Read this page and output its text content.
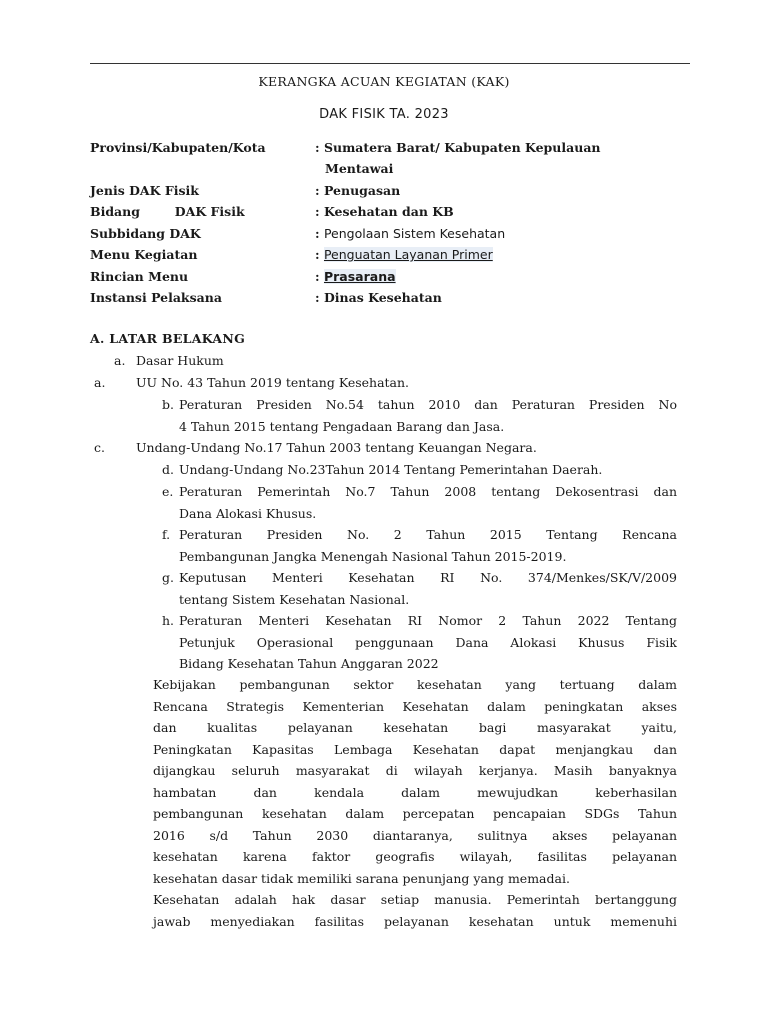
KERANGKA ACUAN KEGIATAN (KAK)
DAK FISIK TA. 2023
Provinsi/Kabupaten/Kota	: Sumatera Barat/ Kabupaten Kepulauan
Mentawai
Jenis DAK Fisik	: Penugasan
Bidang        DAK Fisik	: Kesehatan dan KB
Subbidang DAK	: Pengolaan Sistem Kesehatan
Menu Kegiatan	: Penguatan Layanan Primer
Rincian Menu	: Prasarana
Instansi Pelaksana	: Dinas Kesehatan
A. LATAR BELAKANG
a. Dasar Hukum
a. UU No. 43 Tahun 2019 tentang Kesehatan.
b. Peraturan Presiden No.54 tahun 2010 dan Peraturan Presiden No
4 Tahun 2015 tentang Pengadaan Barang dan Jasa.
c. Undang-Undang No.17 Tahun 2003 tentang Keuangan Negara.
d. Undang-Undang No.23Tahun 2014 Tentang Pemerintahan Daerah.
e. Peraturan Pemerintah No.7 Tahun 2008 tentang Dekosentrasi dan
Dana Alokasi Khusus.
f. Peraturan Presiden No. 2 Tahun 2015 Tentang Rencana
Pembangunan Jangka Menengah Nasional Tahun 2015-2019.
g. Keputusan Menteri Kesehatan RI No. 374/Menkes/SK/V/2009
tentang Sistem Kesehatan Nasional.
h. Peraturan Menteri Kesehatan RI Nomor 2 Tahun 2022 Tentang
Petunjuk Operasional penggunaan Dana Alokasi Khusus Fisik
Bidang Kesehatan Tahun Anggaran 2022
Kebijakan pembangunan sektor kesehatan yang tertuang dalam
Rencana Strategis Kementerian Kesehatan dalam peningkatan akses
dan kualitas pelayanan kesehatan bagi masyarakat yaitu,
Peningkatan Kapasitas Lembaga Kesehatan dapat menjangkau dan
dijangkau seluruh masyarakat di wilayah kerjanya. Masih banyaknya
hambatan dan kendala dalam mewujudkan keberhasilan
pembangunan kesehatan dalam percepatan pencapaian SDGs Tahun
2016 s/d Tahun 2030 diantaranya, sulitnya akses pelayanan
kesehatan karena faktor geografis wilayah, fasilitas pelayanan
kesehatan dasar tidak memiliki sarana penunjang yang memadai.
Kesehatan adalah hak dasar setiap manusia. Pemerintah bertanggung
jawab menyediakan fasilitas pelayanan kesehatan untuk memenuhi
